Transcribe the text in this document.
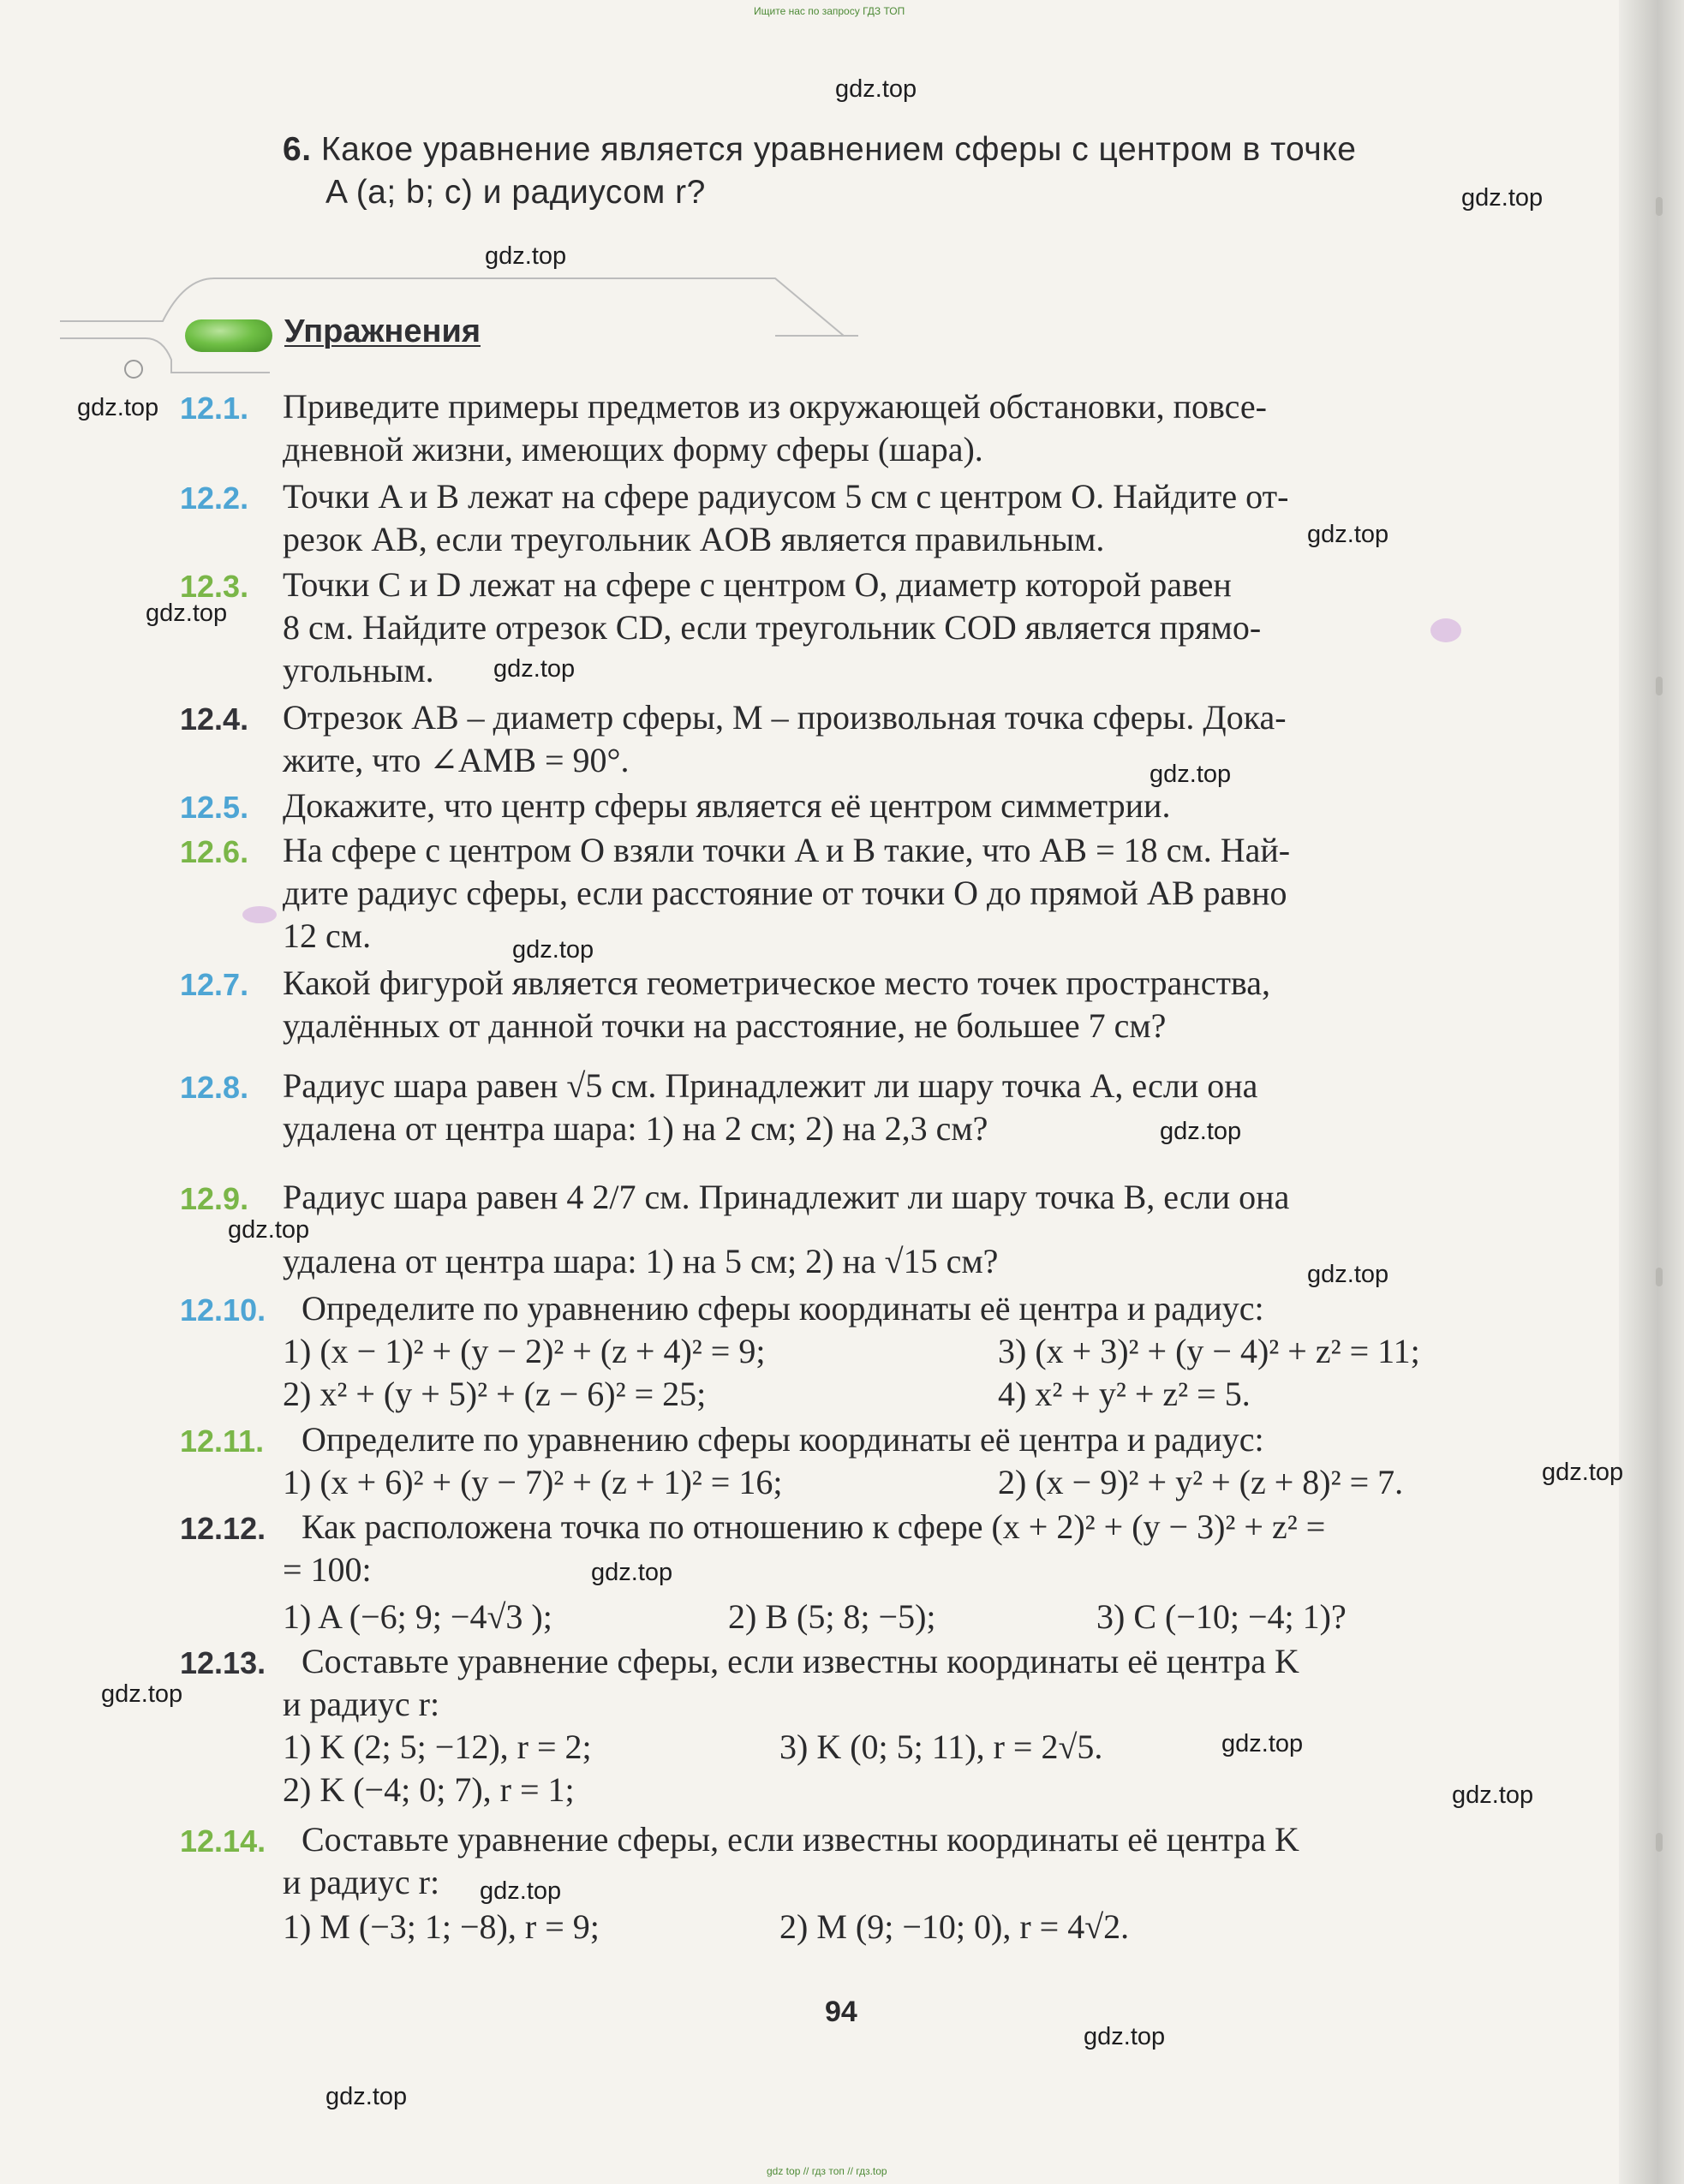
Ищите нас по запросу ГДЗ ТОП
6. Какое уравнение является уравнением сферы с центром в точке
A (a; b; c) и радиусом r?
Упражнения
12.1. Приведите примеры предметов из окружающей обстановки, повсе-
дневной жизни, имеющих форму сферы (шара).
12.2. Точки A и B лежат на сфере радиусом 5 см с центром O. Найдите от-
резок AB, если треугольник AOB является правильным.
12.3. Точки C и D лежат на сфере с центром O, диаметр которой равен
8 см. Найдите отрезок CD, если треугольник COD является прямо-
угольным.
12.4. Отрезок AB – диаметр сферы, M – произвольная точка сферы. Дока-
жите, что ∠AMB = 90°.
12.5. Докажите, что центр сферы является её центром симметрии.
12.6. На сфере с центром O взяли точки A и B такие, что AB = 18 см. Най-
дите радиус сферы, если расстояние от точки O до прямой AB равно
12 см.
12.7. Какой фигурой является геометрическое место точек пространства,
удалённых от данной точки на расстояние, не большее 7 см?
12.8. Радиус шара равен √5 см. Принадлежит ли шару точка A, если она
удалена от центра шара: 1) на 2 см; 2) на 2,3 см?
12.9. Радиус шара равен 4 2/7 см. Принадлежит ли шару точка B, если она
удалена от центра шара: 1) на 5 см; 2) на √15 см?
12.10. Определите по уравнению сферы координаты её центра и радиус:
1) (x − 1)² + (y − 2)² + (z + 4)² = 9;	3) (x + 3)² + (y − 4)² + z² = 11;
2) x² + (y + 5)² + (z − 6)² = 25;	4) x² + y² + z² = 5.
12.11. Определите по уравнению сферы координаты её центра и радиус:
1) (x + 6)² + (y − 7)² + (z + 1)² = 16;	2) (x − 9)² + y² + (z + 8)² = 7.
12.12. Как расположена точка по отношению к сфере (x + 2)² + (y − 3)² + z² =
= 100:
1) A (−6; 9; −4√3 );	2) B (5; 8; −5);	3) C (−10; −4; 1)?
12.13. Составьте уравнение сферы, если известны координаты её центра K
и радиус r:
1) K (2; 5; −12), r = 2;	3) K (0; 5; 11), r = 2√5.
2) K (−4; 0; 7), r = 1;
12.14. Составьте уравнение сферы, если известны координаты её центра K
и радиус r:
1) M (−3; 1; −8), r = 9;	2) M (9; −10; 0), r = 4√2.
94
gdz.top
gdz.top
gdz.top
gdz.top
gdz.top
gdz.top
gdz.top
gdz.top
gdz.top
gdz.top
gdz.top
gdz.top
gdz.top
gdz.top
gdz.top
gdz.top
gdz.top
gdz.top
gdz.top
gdz.top
gdz top // гдз топ // гдз.top
